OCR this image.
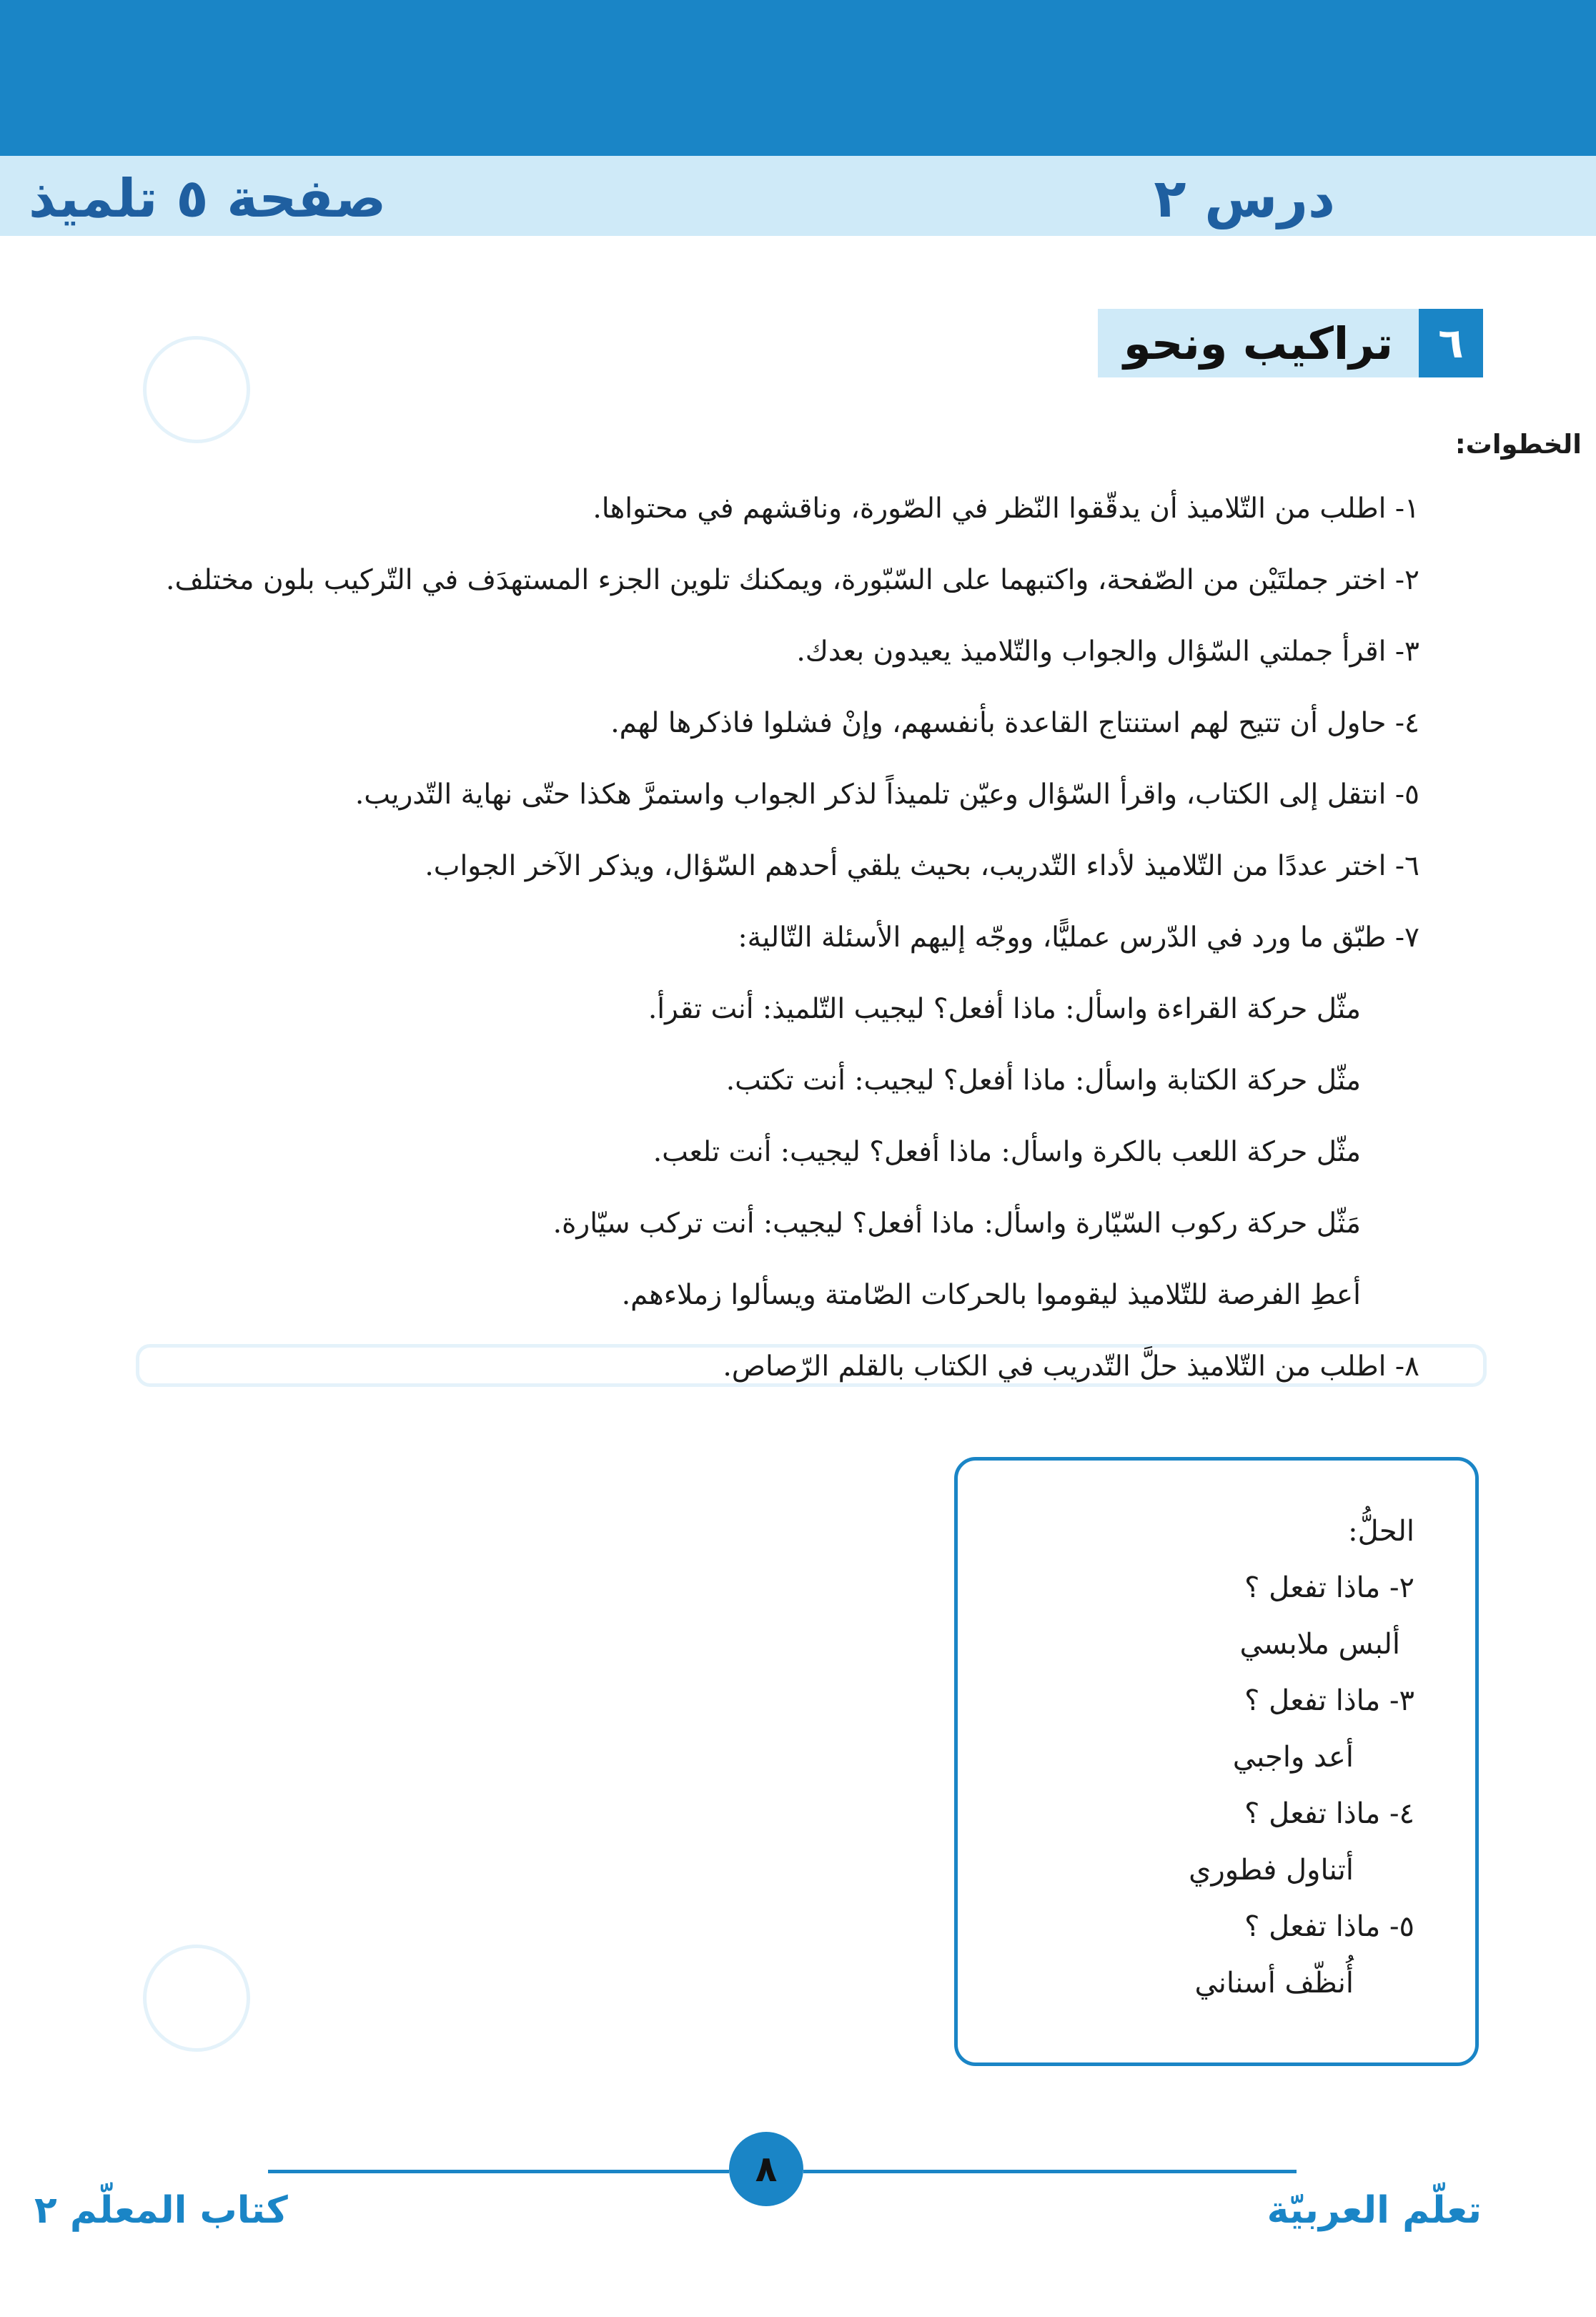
درس ٢
صفحة ٥ تلميذ
تراكيب ونحو	٦
الخطوات:
١- اطلب من التّلاميذ أن يدقّقوا النّظر في الصّورة، وناقشهم في محتواها.
٢- اختر جملتَيْن من الصّفحة، واكتبهما على السّبّورة، ويمكنك تلوين الجزء المستهدَف في التّركيب بلون مختلف.
٣- اقرأ جملتي السّؤال والجواب والتّلاميذ يعيدون بعدك.
٤- حاول أن تتيح لهم استنتاج القاعدة بأنفسهم، وإنْ فشلوا فاذكرها لهم.
٥- انتقل إلى الكتاب، واقرأ السّؤال وعيّن تلميذاً لذكر الجواب واستمرَّ هكذا حتّى نهاية التّدريب.
٦- اختر عددًا من التّلاميذ لأداء التّدريب، بحيث يلقي أحدهم السّؤال، ويذكر الآخر الجواب.
٧- طبّق ما ورد في الدّرس عمليًّا، ووجّه إليهم الأسئلة التّالية:
مثّل حركة القراءة واسأل: ماذا أفعل؟ ليجيب التّلميذ: أنت تقرأ.
مثّل حركة الكتابة واسأل: ماذا أفعل؟ ليجيب: أنت تكتب.
مثّل حركة اللعب بالكرة واسأل: ماذا أفعل؟ ليجيب: أنت تلعب.
مَثّل حركة ركوب السّيّارة واسأل: ماذا أفعل؟ ليجيب: أنت تركب سيّارة.
أعطِ الفرصة للتّلاميذ ليقوموا بالحركات الصّامتة ويسألوا زملاءهم.
٨- اطلب من التّلاميذ حلَّ التّدريب في الكتاب بالقلم الرّصاص.
الحلُّ:
٢- ماذا تفعل ؟
ألبس ملابسي
٣- ماذا تفعل ؟
أعد واجبي
٤- ماذا تفعل ؟
أتناول فطوري
٥- ماذا تفعل ؟
أُنظّف أسناني
٨
تعلّم العربيّة
كتاب المعلّم ٢
